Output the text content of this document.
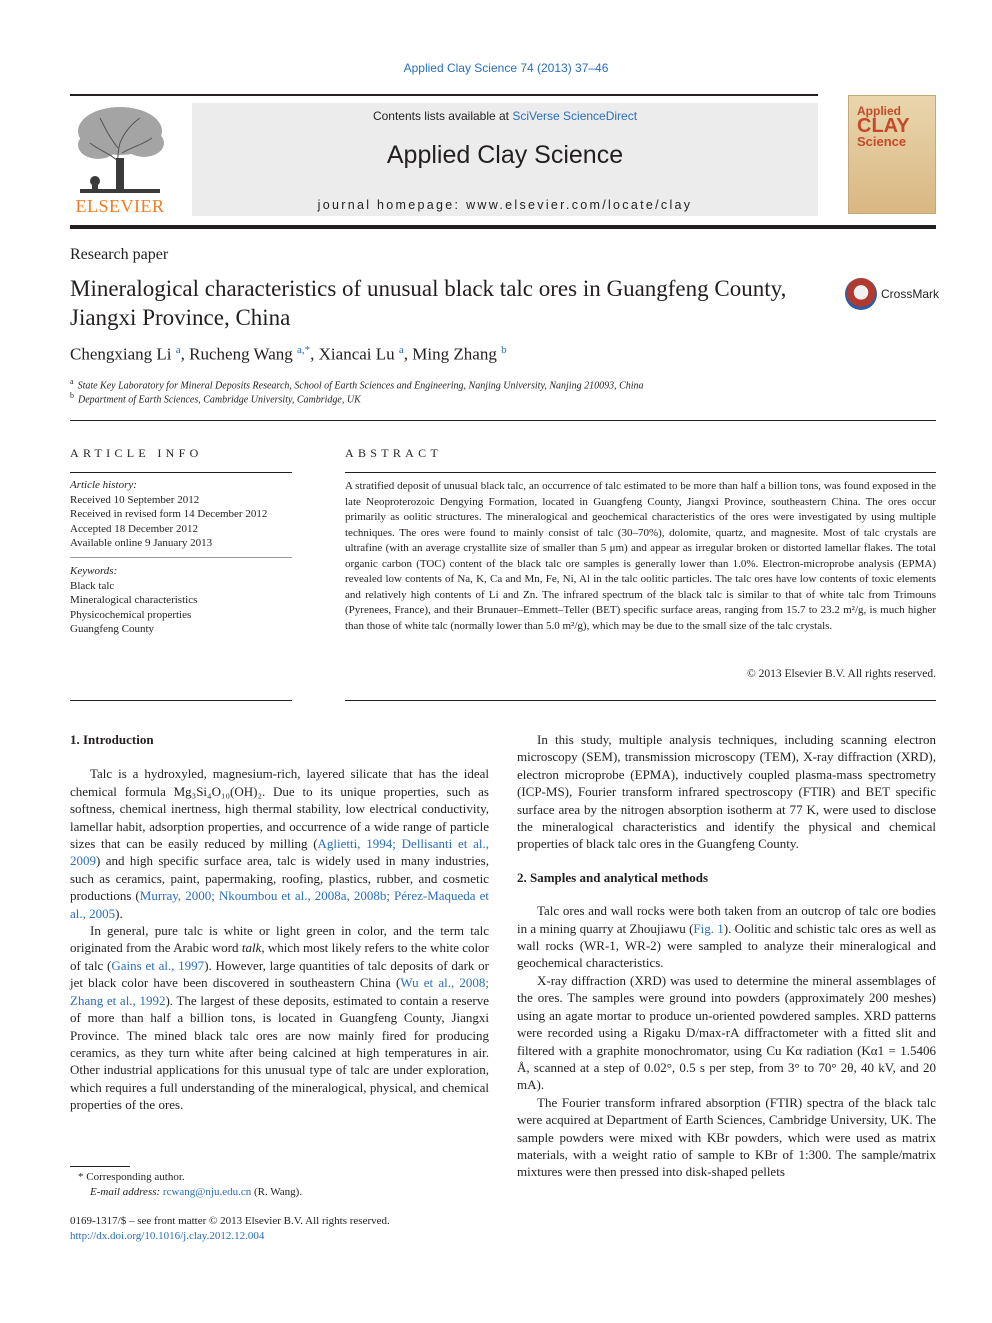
Applied Clay Science 74 (2013) 37–46
ELSEVIER
Contents lists available at SciVerse ScienceDirect
Applied Clay Science
journal homepage: www.elsevier.com/locate/clay
Applied
CLAY
Science
Research paper
Mineralogical characteristics of unusual black talc ores in Guangfeng County, Jiangxi Province, China
CrossMark
Chengxiang Li $^a$, Rucheng Wang $^{a,*}$, Xiancai Lu $^a$, Ming Zhang $^b$
$^a$ State Key Laboratory for Mineral Deposits Research, School of Earth Sciences and Engineering, Nanjing University, Nanjing 210093, China
$^b$ Department of Earth Sciences, Cambridge University, Cambridge, UK
ARTICLE INFO
Article history:
Received 10 September 2012
Received in revised form 14 December 2012
Accepted 18 December 2012
Available online 9 January 2013
Keywords:
Black talc
Mineralogical characteristics
Physicochemical properties
Guangfeng County
ABSTRACT
A stratified deposit of unusual black talc, an occurrence of talc estimated to be more than half a billion tons, was found exposed in the late Neoproterozoic Dengying Formation, located in Guangfeng County, Jiangxi Province, southeastern China. The ores occur primarily as oolitic structures. The mineralogical and geochemical characteristics of the ores were investigated by using multiple techniques. The ores were found to mainly consist of talc (30–70%), dolomite, quartz, and magnesite. Most of talc crystals are ultrafine (with an average crystallite size of smaller than 5 μm) and appear as irregular broken or distorted lamellar flakes. The total organic carbon (TOC) content of the black talc ore samples is generally lower than 1.0%. Electron-microprobe analysis (EPMA) revealed low contents of Na, K, Ca and Mn, Fe, Ni, Al in the talc oolitic particles. The talc ores have low contents of toxic elements and relatively high contents of Li and Zn. The infrared spectrum of the black talc is similar to that of white talc from Trimouns (Pyrenees, France), and their Brunauer–Emmett–Teller (BET) specific surface areas, ranging from 15.7 to 23.2 m²/g, is much higher than those of white talc (normally lower than 5.0 m²/g), which may be due to the small size of the talc crystals.
© 2013 Elsevier B.V. All rights reserved.
1. Introduction

Talc is a hydroxyled, magnesium-rich, layered silicate that has the ideal chemical formula Mg₃Si₄O₁₀(OH)₂. Due to its unique properties, such as softness, chemical inertness, high thermal stability, low electrical conductivity, lamellar habit, adsorption properties, and occurrence of a wide range of particle sizes that can be easily reduced by milling (Aglietti, 1994; Dellisanti et al., 2009) and high specific surface area, talc is widely used in many industries, such as ceramics, paint, papermaking, roofing, plastics, rubber, and cosmetic productions (Murray, 2000; Nkoumbou et al., 2008a, 2008b; Pérez-Maqueda et al., 2005).

In general, pure talc is white or light green in color, and the term talc originated from the Arabic word talk, which most likely refers to the white color of talc (Gains et al., 1997). However, large quantities of talc deposits of dark or jet black color have been discovered in southeastern China (Wu et al., 2008; Zhang et al., 1992). The largest of these deposits, estimated to contain a reserve of more than half a billion tons, is located in Guangfeng County, Jiangxi Province. The mined black talc ores are now mainly fired for producing ceramics, as they turn white after being calcined at high temperatures in air. Other industrial applications for this unusual type of talc are under exploration, which requires a full understanding of the mineralogical, physical, and chemical properties of the ores.

In this study, multiple analysis techniques, including scanning electron microscopy (SEM), transmission microscopy (TEM), X-ray diffraction (XRD), electron microprobe (EPMA), inductively coupled plasma-mass spectrometry (ICP-MS), Fourier transform infrared spectroscopy (FTIR) and BET specific surface area by the nitrogen absorption isotherm at 77 K, were used to disclose the mineralogical characteristics and identify the physical and chemical properties of black talc ores in the Guangfeng County.

2. Samples and analytical methods

Talc ores and wall rocks were both taken from an outcrop of talc ore bodies in a mining quarry at Zhoujiawu (Fig. 1). Oolitic and schistic talc ores as well as wall rocks (WR-1, WR-2) were sampled to analyze their mineralogical and geochemical characteristics.

X-ray diffraction (XRD) was used to determine the mineral assemblages of the ores. The samples were ground into powders (approximately 200 meshes) using an agate mortar to produce un-oriented powdered samples. XRD patterns were recorded using a Rigaku D/max-rA diffractometer with a fitted slit and filtered with a graphite monochromator, using Cu Kα radiation (Kα1 = 1.5406 Å, scanned at a step of 0.02°, 0.5 s per step, from 3° to 70° 2θ, 40 kV, and 20 mA).

The Fourier transform infrared absorption (FTIR) spectra of the black talc were acquired at Department of Earth Sciences, Cambridge University, UK. The sample powders were mixed with KBr powders, which were used as matrix materials, with a weight ratio of sample to KBr of 1:300. The sample/matrix mixtures were then pressed into disk-shaped pellets

* Corresponding author.
E-mail address: rcwang@nju.edu.cn (R. Wang).
0169-1317/$ – see front matter © 2013 Elsevier B.V. All rights reserved.
http://dx.doi.org/10.1016/j.clay.2012.12.004
